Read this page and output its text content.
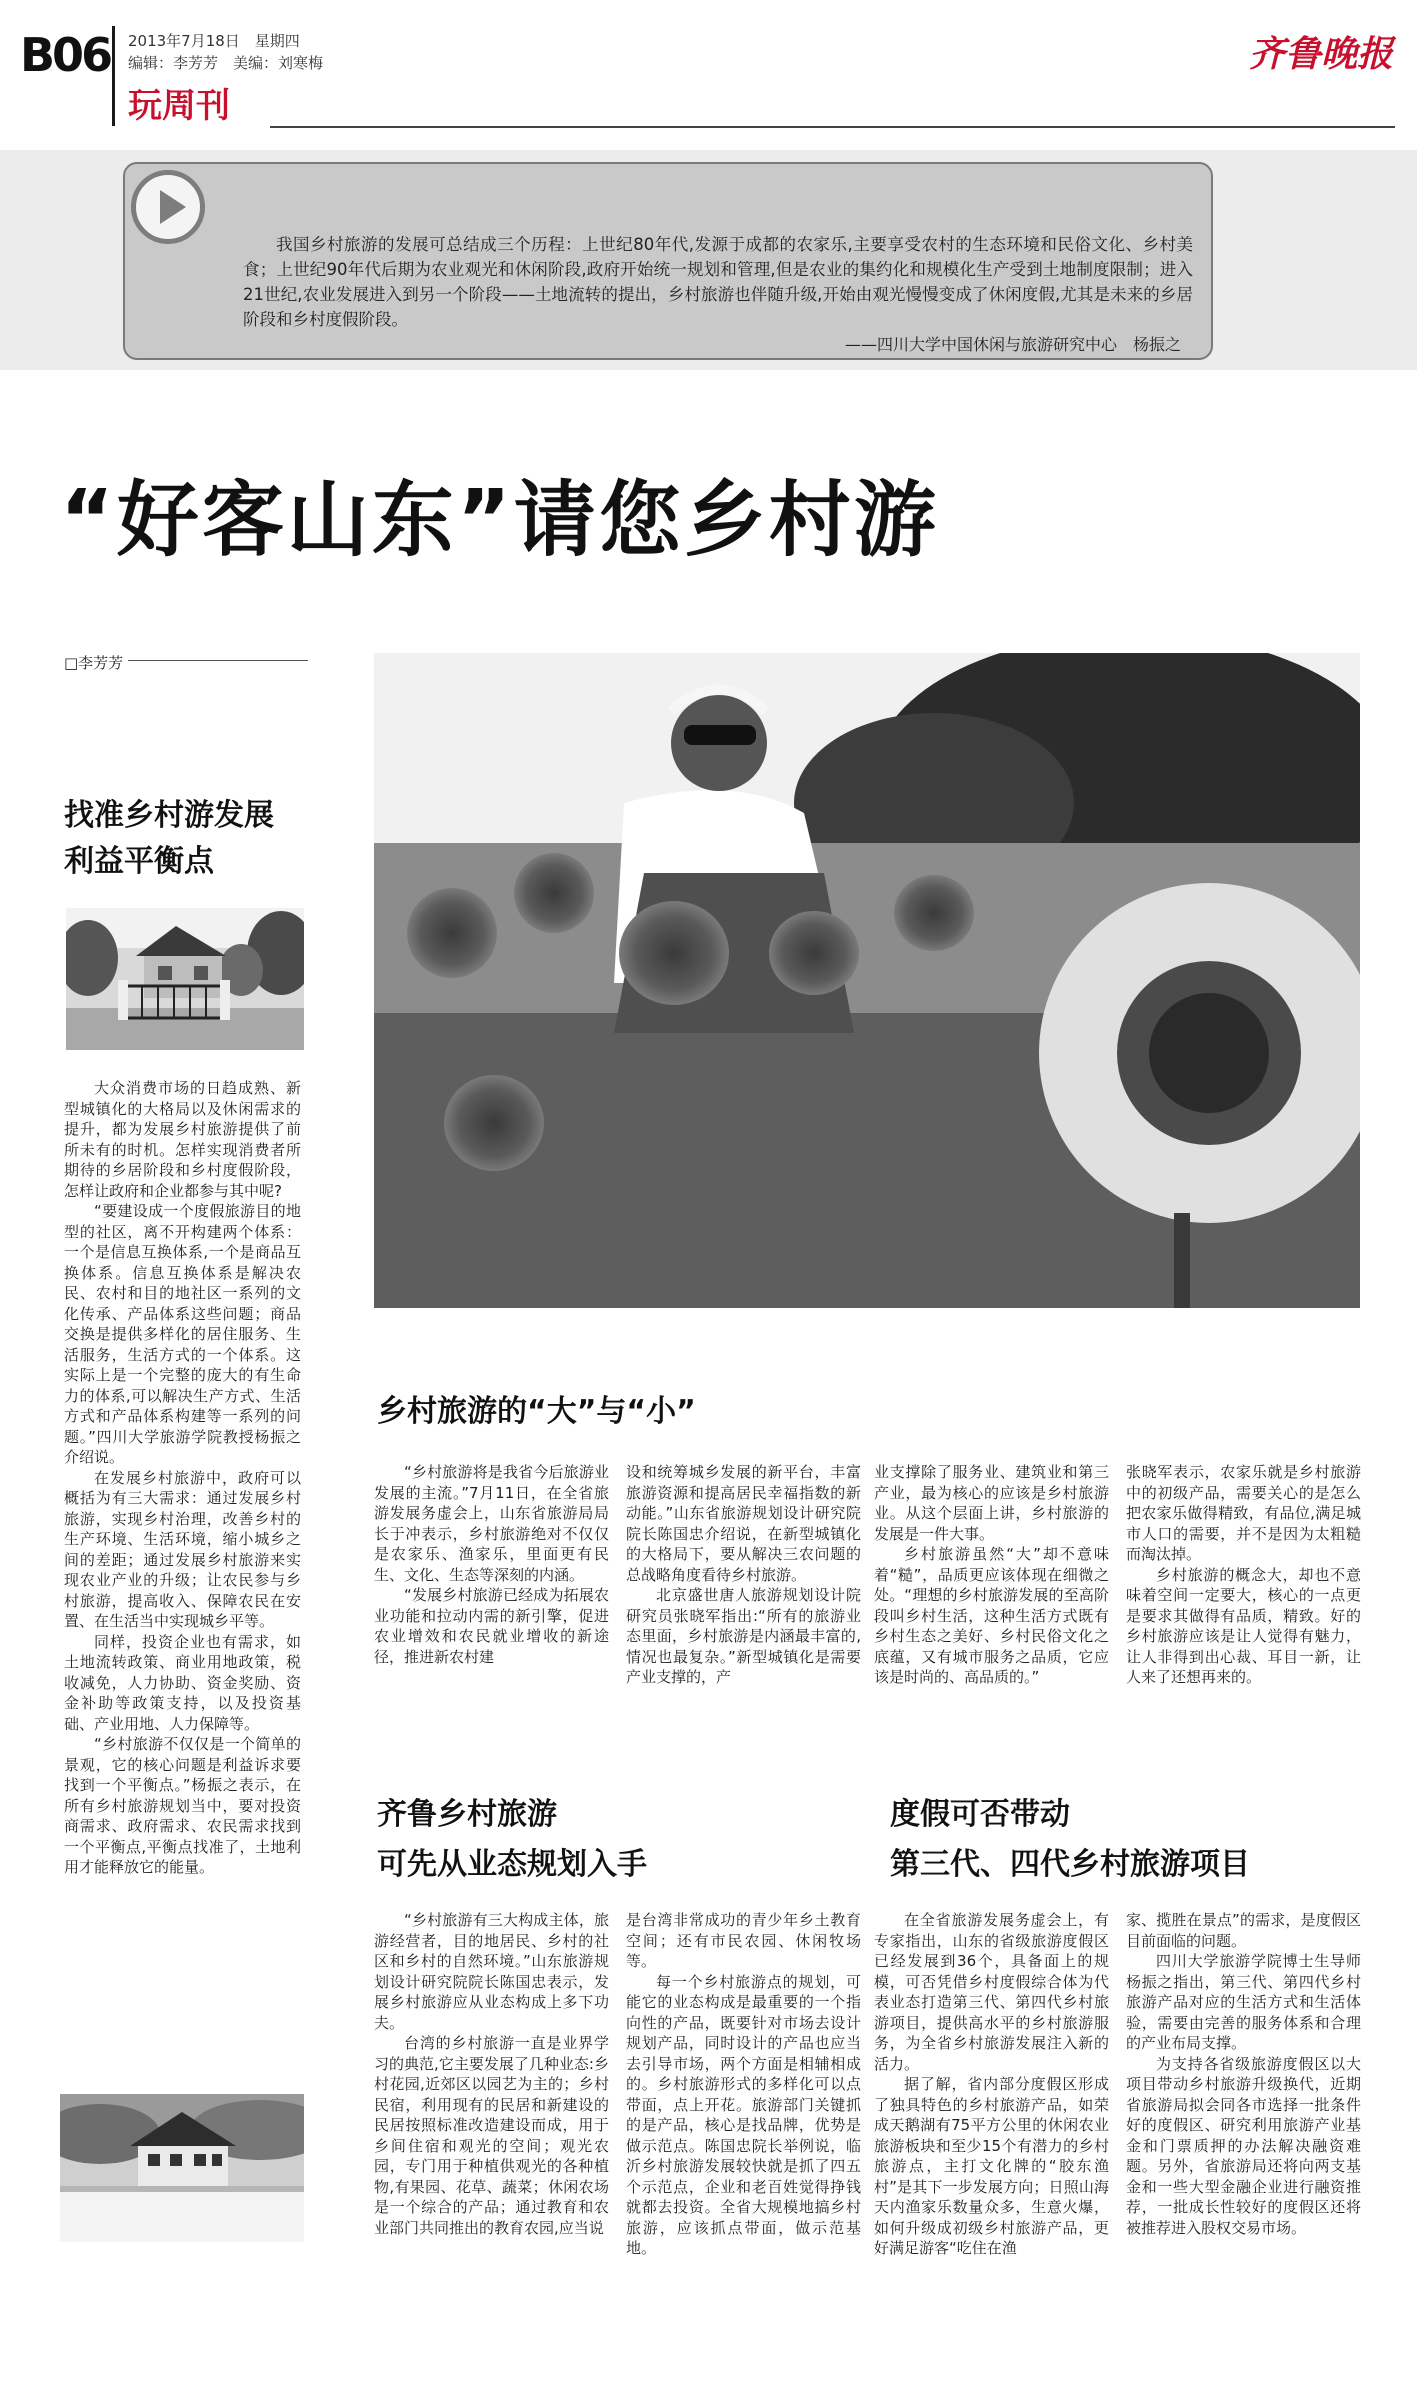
B06 2013年7月18日　星期四
编辑：李芳芳　美编：刘寒梅
玩周刊
齐鲁晚报
我国乡村旅游的发展可总结成三个历程：上世纪80年代,发源于成都的农家乐,主要享受农村的生态环境和民俗文化、乡村美食；上世纪90年代后期为农业观光和休闲阶段,政府开始统一规划和管理,但是农业的集约化和规模化生产受到土地制度限制；进入21世纪,农业发展进入到另一个阶段——土地流转的提出，乡村旅游也伴随升级,开始由观光慢慢变成了休闲度假,尤其是未来的乡居阶段和乡村度假阶段。
——四川大学中国休闲与旅游研究中心　杨振之
“好客山东”请您乡村游
□李芳芳
找准乡村游发展
利益平衡点

大众消费市场的日趋成熟、新型城镇化的大格局以及休闲需求的提升，都为发展乡村旅游提供了前所未有的时机。怎样实现消费者所期待的乡居阶段和乡村度假阶段，怎样让政府和企业都参与其中呢?

“要建设成一个度假旅游目的地型的社区，离不开构建两个体系：一个是信息互换体系,一个是商品互换体系。信息互换体系是解决农民、农村和目的地社区一系列的文化传承、产品体系这些问题；商品交换是提供多样化的居住服务、生活服务，生活方式的一个体系。这实际上是一个完整的庞大的有生命力的体系,可以解决生产方式、生活方式和产品体系构建等一系列的问题。”四川大学旅游学院教授杨振之介绍说。

在发展乡村旅游中，政府可以概括为有三大需求：通过发展乡村旅游，实现乡村治理，改善乡村的生产环境、生活环境，缩小城乡之间的差距；通过发展乡村旅游来实现农业产业的升级；让农民参与乡村旅游，提高收入、保障农民在安置、在生活当中实现城乡平等。

同样，投资企业也有需求，如土地流转政策、商业用地政策，税收减免，人力协助、资金奖励、资金补助等政策支持，以及投资基础、产业用地、人力保障等。

“乡村旅游不仅仅是一个简单的景观，它的核心问题是利益诉求要找到一个平衡点。”杨振之表示，在所有乡村旅游规划当中，要对投资商需求、政府需求、农民需求找到一个平衡点,平衡点找准了，土地利用才能释放它的能量。

乡村旅游的“大”与“小”

“乡村旅游将是我省今后旅游业发展的主流。”7月11日，在全省旅游发展务虚会上，山东省旅游局局长于冲表示，乡村旅游绝对不仅仅是农家乐、渔家乐，里面更有民生、文化、生态等深刻的内涵。

“发展乡村旅游已经成为拓展农业功能和拉动内需的新引擎，促进农业增效和农民就业增收的新途径，推进新农村建

设和统筹城乡发展的新平台，丰富旅游资源和提高居民幸福指数的新动能。”山东省旅游规划设计研究院院长陈国忠介绍说，在新型城镇化的大格局下，要从解决三农问题的总战略角度看待乡村旅游。

北京盛世唐人旅游规划设计院研究员张晓军指出:“所有的旅游业态里面，乡村旅游是内涵最丰富的,情况也最复杂。”新型城镇化是需要产业支撑的，产

业支撑除了服务业、建筑业和第三产业，最为核心的应该是乡村旅游业。从这个层面上讲，乡村旅游的发展是一件大事。

乡村旅游虽然“大”却不意味着“糙”，品质更应该体现在细微之处。“理想的乡村旅游发展的至高阶段叫乡村生活，这种生活方式既有乡村生态之美好、乡村民俗文化之底蕴，又有城市服务之品质，它应该是时尚的、高品质的。”

张晓军表示，农家乐就是乡村旅游中的初级产品，需要关心的是怎么把农家乐做得精致，有品位,满足城市人口的需要，并不是因为太粗糙而淘汰掉。

乡村旅游的概念大，却也不意味着空间一定要大，核心的一点更是要求其做得有品质，精致。好的乡村旅游应该是让人觉得有魅力，让人非得到出心裁、耳目一新，让人来了还想再来的。

齐鲁乡村旅游
可先从业态规划入手

“乡村旅游有三大构成主体，旅游经营者，目的地居民、乡村的社区和乡村的自然环境。”山东旅游规划设计研究院院长陈国忠表示，发展乡村旅游应从业态构成上多下功夫。

台湾的乡村旅游一直是业界学习的典范,它主要发展了几种业态:乡村花园,近郊区以园艺为主的；乡村民宿，利用现有的民居和新建设的民居按照标准改造建设而成，用于乡间住宿和观光的空间；观光农园，专门用于种植供观光的各种植物,有果园、花草、蔬菜；休闲农场是一个综合的产品；通过教育和农业部门共同推出的教育农园,应当说

是台湾非常成功的青少年乡土教育空间；还有市民农园、休闲牧场等。

每一个乡村旅游点的规划，可能它的业态构成是最重要的一个指向性的产品，既要针对市场去设计规划产品，同时设计的产品也应当去引导市场，两个方面是相辅相成的。乡村旅游形式的多样化可以点带面，点上开花。旅游部门关键抓的是产品，核心是找品牌，优势是做示范点。陈国忠院长举例说，临沂乡村旅游发展较快就是抓了四五个示范点，企业和老百姓觉得挣钱就都去投资。全省大规模地搞乡村旅游，应该抓点带面，做示范基地。

度假可否带动
第三代、四代乡村旅游项目

在全省旅游发展务虚会上，有专家指出，山东的省级旅游度假区已经发展到36个，具备面上的规模，可否凭借乡村度假综合体为代表业态打造第三代、第四代乡村旅游项目，提供高水平的乡村旅游服务，为全省乡村旅游发展注入新的活力。

据了解，省内部分度假区形成了独具特色的乡村旅游产品，如荣成天鹅湖有75平方公里的休闲农业旅游板块和至少15个有潜力的乡村旅游点，主打文化牌的“胶东渔村”是其下一步发展方向；日照山海天内渔家乐数量众多，生意火爆，如何升级成初级乡村旅游产品，更好满足游客“吃住在渔

家、揽胜在景点”的需求，是度假区目前面临的问题。

四川大学旅游学院博士生导师杨振之指出，第三代、第四代乡村旅游产品对应的生活方式和生活体验，需要由完善的服务体系和合理的产业布局支撑。

为支持各省级旅游度假区以大项目带动乡村旅游升级换代，近期省旅游局拟会同各市选择一批条件好的度假区、研究利用旅游产业基金和门票质押的办法解决融资难题。另外，省旅游局还将向两支基金和一些大型金融企业进行融资推荐，一批成长性较好的度假区还将被推荐进入股权交易市场。
